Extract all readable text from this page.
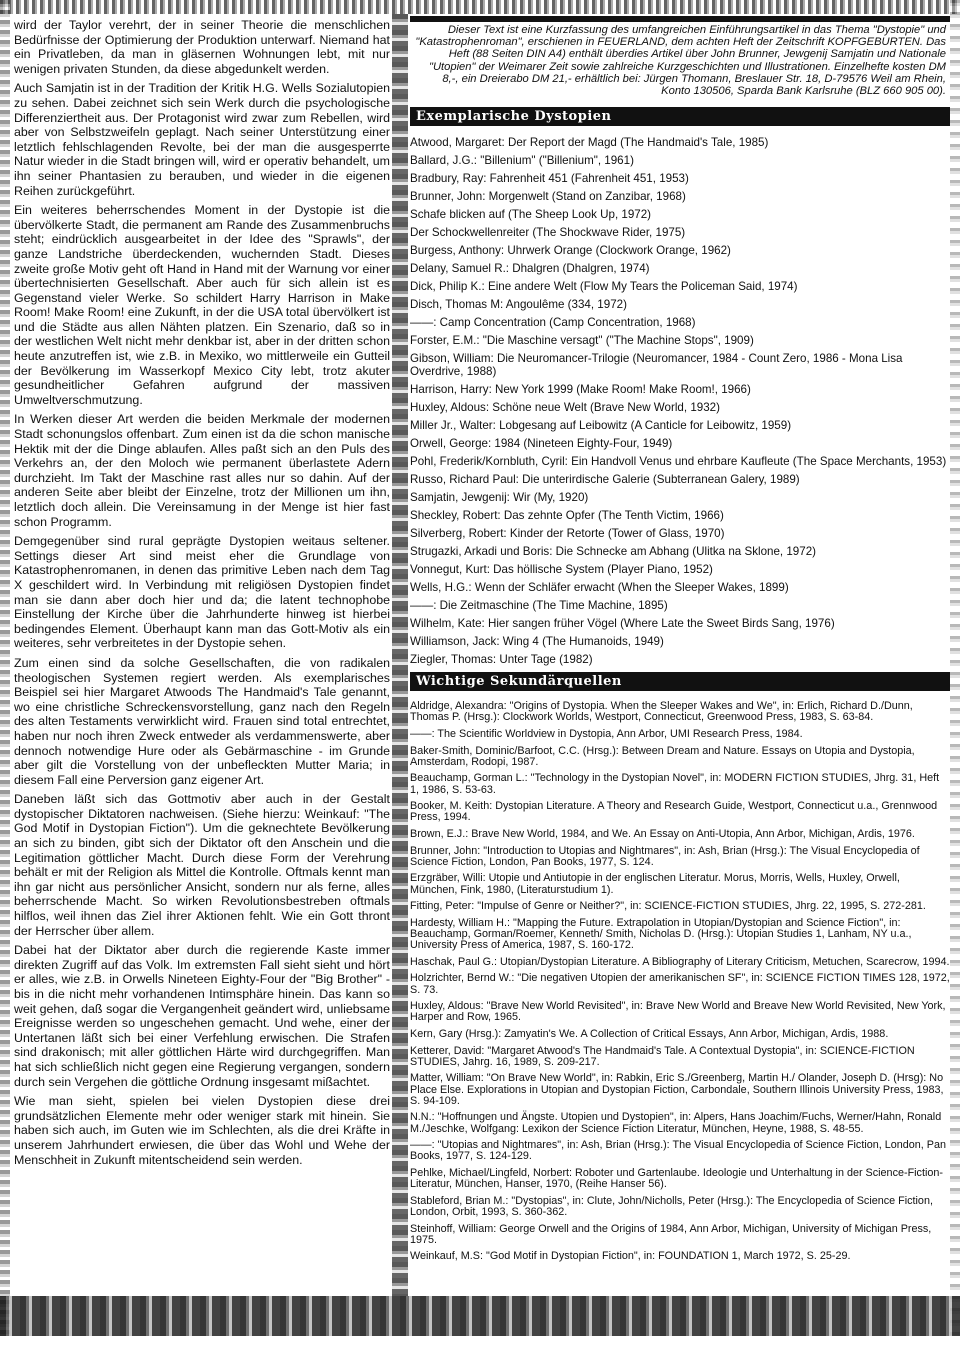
wird der Taylor verehrt, der in seiner Theorie die menschlichen Bedürfnisse der Optimierung der Produktion unterwarf. Niemand hat ein Privatleben, da man in gläsernen Wohnungen lebt, mit nur wenigen privaten Stunden, da diese abgedunkelt werden.

Auch Samjatin ist in der Tradition der Kritik H.G. Wells Sozialutopien zu sehen. Dabei zeichnet sich sein Werk durch die psychologische Differenziertheit aus. Der Protagonist wird zwar zum Rebellen, wird aber von Selbstzweifeln geplagt. Nach seiner Unterstützung einer letztlich fehlschlagenden Revolte, bei der man die ausgesperrte Natur wieder in die Stadt bringen will, wird er operativ behandelt, um ihn seiner Phantasien zu berauben, und wieder in die eigenen Reihen zurückgeführt.

Ein weiteres beherrschendes Moment in der Dystopie ist die übervölkerte Stadt, die permanent am Rande des Zusammenbruchs steht; eindrücklich ausgearbeitet in der Idee des "Sprawls", der ganze Landstriche überdeckenden, wuchernden Stadt. Dieses zweite große Motiv geht oft Hand in Hand mit der Warnung vor einer übertechnisierten Gesellschaft. Aber auch für sich allein ist es Gegenstand vieler Werke. So schildert Harry Harrison in Make Room! Make Room! eine Zukunft, in der die USA total übervölkert ist und die Städte aus allen Nähten platzen. Ein Szenario, daß so in der westlichen Welt nicht mehr denkbar ist, aber in der dritten schon heute anzutreffen ist, wie z.B. in Mexiko, wo mittlerweile ein Gutteil der Bevölkerung im Wasserkopf Mexico City lebt, trotz akuter gesundheitlicher Gefahren aufgrund der massiven Umweltverschmutzung.

In Werken dieser Art werden die beiden Merkmale der modernen Stadt schonungslos offenbart. Zum einen ist da die schon manische Hektik mit der die Dinge ablaufen. Alles paßt sich an den Puls des Verkehrs an, der den Moloch wie permanent überlastete Adern durchzieht. Im Takt der Maschine rast alles nur so dahin. Auf der anderen Seite aber bleibt der Einzelne, trotz der Millionen um ihn, letztlich doch allein. Die Vereinsamung in der Menge ist hier fast schon Programm.

Demgegenüber sind rural geprägte Dystopien weitaus seltener. Settings dieser Art sind meist eher die Grundlage von Katastrophenromanen, in denen das primitive Leben nach dem Tag X geschildert wird. In Verbindung mit religiösen Dystopien findet man sie dann aber doch hier und da; die latent technophobe Einstellung der Kirche über die Jahrhunderte hinweg ist hierbei bedingendes Element. Überhaupt kann man das Gott-Motiv als ein weiteres, sehr verbreitetes in der Dystopie sehen.

Zum einen sind da solche Gesellschaften, die von radikalen theologischen Systemen regiert werden. Als exemplarisches Beispiel sei hier Margaret Atwoods The Handmaid's Tale genannt, wo eine christliche Schreckensvorstellung, ganz nach den Regeln des alten Testaments verwirklicht wird. Frauen sind total entrechtet, haben nur noch ihren Zweck entweder als verdammenswerte, aber dennoch notwendige Hure oder als Gebärmaschine - im Grunde aber gilt die Vorstellung von der unbefleckten Mutter Maria; in diesem Fall eine Perversion ganz eigener Art.

Daneben läßt sich das Gottmotiv aber auch in der Gestalt dystopischer Diktatoren nachweisen. (Siehe hierzu: Weinkauf: "The God Motif in Dystopian Fiction"). Um die geknechtete Bevölkerung an sich zu binden, gibt sich der Diktator oft den Anschein und die Legitimation göttlicher Macht. Durch diese Form der Verehrung behält er mit der Religion als Mittel die Kontrolle. Oftmals kennt man ihn gar nicht aus persönlicher Ansicht, sondern nur als ferne, alles beherrschende Macht. So wirken Revolutionsbestreben oftmals hilflos, weil ihnen das Ziel ihrer Aktionen fehlt. Wie ein Gott thront der Herrscher über allem.

Dabei hat der Diktator aber durch die regierende Kaste immer direkten Zugriff auf das Volk. Im extremsten Fall sieht sieht und hört er alles, wie z.B. in Orwells Nineteen Eighty-Four der "Big Brother" - bis in die nicht mehr vorhandenen Intimsphäre hinein. Das kann so weit gehen, daß sogar die Vergangenheit geändert wird, unliebsame Ereignisse werden so ungeschehen gemacht. Und wehe, einer der Untertanen läßt sich bei einer Verfehlung erwischen. Die Strafen sind drakonisch; mit aller göttlichen Härte wird durchgegriffen. Man hat sich schließlich nicht gegen eine Regierung vergangen, sondern durch sein Vergehen die göttliche Ordnung insgesamt mißachtet.

Wie man sieht, spielen bei vielen Dystopien diese drei grundsätzlichen Elemente mehr oder weniger stark mit hinein. Sie haben sich auch, im Guten wie im Schlechten, als die drei Kräfte in unserem Jahrhundert erwiesen, die über das Wohl und Wehe der Menschheit in Zukunft mitentscheidend sein werden.

Dieser Text ist eine Kurzfassung des umfangreichen Einführungsartikel in das Thema "Dystopie" und "Katastrophenroman", erschienen in FEUERLAND, dem achten Heft der Zeitschrift KOPFGEBURTEN. Das Heft (88 Seiten DIN A4) enthält überdies Artikel über John Brunner, Jewgenij Samjatin und Nationale "Utopien" der Weimarer Zeit sowie zahlreiche Kurzgeschichten und Illustrationen. Einzelhefte kosten DM 8,-, ein Dreierabo DM 21,- erhältlich bei: Jürgen Thomann, Breslauer Str. 18, D-79576 Weil am Rhein, Konto 130506, Sparda Bank Karlsruhe (BLZ 660 905 00).

Exemplarische Dystopien
Atwood, Margaret: Der Report der Magd (The Handmaid's Tale, 1985)
Ballard, J.G.: "Billenium" ("Billenium", 1961)
Bradbury, Ray: Fahrenheit 451 (Fahrenheit 451, 1953)
Brunner, John: Morgenwelt (Stand on Zanzibar, 1968)
Schafe blicken auf (The Sheep Look Up, 1972)
Der Schockwellenreiter (The Shockwave Rider, 1975)
Burgess, Anthony: Uhrwerk Orange (Clockwork Orange, 1962)
Delany, Samuel R.: Dhalgren (Dhalgren, 1974)
Dick, Philip K.: Eine andere Welt (Flow My Tears the Policeman Said, 1974)
Disch, Thomas M: Angoulême (334, 1972)
——: Camp Concentration (Camp Concentration, 1968)
Forster, E.M.: "Die Maschine versagt" ("The Machine Stops", 1909)
Gibson, William: Die Neuromancer-Trilogie (Neuromancer, 1984 - Count Zero, 1986 - Mona Lisa Overdrive, 1988)
Harrison, Harry: New York 1999 (Make Room! Make Room!, 1966)
Huxley, Aldous: Schöne neue Welt (Brave New World, 1932)
Miller Jr., Walter: Lobgesang auf Leibowitz (A Canticle for Leibowitz, 1959)
Orwell, George: 1984 (Nineteen Eighty-Four, 1949)
Pohl, Frederik/Kornbluth, Cyril: Ein Handvoll Venus und ehrbare Kaufleute (The Space Merchants, 1953)
Russo, Richard Paul: Die unterirdische Galerie (Subterranean Galery, 1989)
Samjatin, Jewgenij: Wir (My, 1920)
Sheckley, Robert: Das zehnte Opfer (The Tenth Victim, 1966)
Silverberg, Robert: Kinder der Retorte (Tower of Glass, 1970)
Strugazki, Arkadi und Boris: Die Schnecke am Abhang (Ulitka na Sklone, 1972)
Vonnegut, Kurt: Das höllische System (Player Piano, 1952)
Wells, H.G.: Wenn der Schläfer erwacht (When the Sleeper Wakes, 1899)
——: Die Zeitmaschine (The Time Machine, 1895)
Wilhelm, Kate: Hier sangen früher Vögel (Where Late the Sweet Birds Sang, 1976)
Williamson, Jack: Wing 4 (The Humanoids, 1949)
Ziegler, Thomas: Unter Tage (1982)
Wichtige Sekundärquellen
Aldridge, Alexandra: "Origins of Dystopia. When the Sleeper Wakes and We", in: Erlich, Richard D./Dunn, Thomas P. (Hrsg.): Clockwork Worlds, Westport, Connecticut, Greenwood Press, 1983, S. 63-84.
——: The Scientific Worldview in Dystopia, Ann Arbor, UMI Research Press, 1984.
Baker-Smith, Dominic/Barfoot, C.C. (Hrsg.): Between Dream and Nature. Essays on Utopia and Dystopia, Amsterdam, Rodopi, 1987.
Beauchamp, Gorman L.: "Technology in the Dystopian Novel", in: MODERN FICTION STUDIES, Jhrg. 31, Heft 1, 1986, S. 53-63.
Booker, M. Keith: Dystopian Literature. A Theory and Research Guide, Westport, Connecticut u.a., Grennwood Press, 1994.
Brown, E.J.: Brave New World, 1984, and We. An Essay on Anti-Utopia, Ann Arbor, Michigan, Ardis, 1976.
Brunner, John: "Introduction to Utopias and Nightmares", in: Ash, Brian (Hrsg.): The Visual Encyclopedia of Science Fiction, London, Pan Books, 1977, S. 124.
Erzgräber, Willi: Utopie und Antiutopie in der englischen Literatur. Morus, Morris, Wells, Huxley, Orwell, München, Fink, 1980, (Literaturstudium 1).
Fitting, Peter: "Impulse of Genre or Neither?", in: SCIENCE-FICTION STUDIES, Jhrg. 22, 1995, S. 272-281.
Hardesty, William H.: "Mapping the Future. Extrapolation in Utopian/Dystopian and Science Fiction", in: Beauchamp, Gorman/Roemer, Kenneth/ Smith, Nicholas D. (Hrsg.): Utopian Studies 1, Lanham, NY u.a., University Press of America, 1987, S. 160-172.
Haschak, Paul G.: Utopian/Dystopian Literature. A Bibliography of Literary Criticism, Metuchen, Scarecrow, 1994.
Holzrichter, Bernd W.: "Die negativen Utopien der amerikanischen SF", in: SCIENCE FICTION TIMES 128, 1972, S. 73.
Huxley, Aldous: "Brave New World Revisited", in: Brave New World and Breave New World Revisited, New York, Harper and Row, 1965.
Kern, Gary (Hrsg.): Zamyatin's We. A Collection of Critical Essays, Ann Arbor, Michigan, Ardis, 1988.
Ketterer, David: "Margaret Atwood's The Handmaid's Tale. A Contextual Dystopia", in: SCIENCE-FICTION STUDIES, Jahrg. 16, 1989, S. 209-217.
Matter, William: "On Brave New World", in: Rabkin, Eric S./Greenberg, Martin H./ Olander, Joseph D. (Hrsg): No Place Else. Explorations in Utopian and Dystopian Fiction, Carbondale, Southern Illinois University Press, 1983, S. 94-109.
N.N.: "Hoffnungen und Ängste. Utopien und Dystopien", in: Alpers, Hans Joachim/Fuchs, Werner/Hahn, Ronald M./Jeschke, Wolfgang: Lexikon der Science Fiction Literatur, München, Heyne, 1988, S. 48-55.
——: "Utopias and Nightmares", in: Ash, Brian (Hrsg.): The Visual Encyclopedia of Science Fiction, London, Pan Books, 1977, S. 124-129.
Pehlke, Michael/Lingfeld, Norbert: Roboter und Gartenlaube. Ideologie und Unterhaltung in der Science-Fiction-Literatur, München, Hanser, 1970, (Reihe Hanser 56).
Stableford, Brian M.: "Dystopias", in: Clute, John/Nicholls, Peter (Hrsg.): The Encyclopedia of Science Fiction, London, Orbit, 1993, S. 360-362.
Steinhoff, William: George Orwell and the Origins of 1984, Ann Arbor, Michigan, University of Michigan Press, 1975.
Weinkauf, M.S: "God Motif in Dystopian Fiction", in: FOUNDATION 1, March 1972, S. 25-29.
